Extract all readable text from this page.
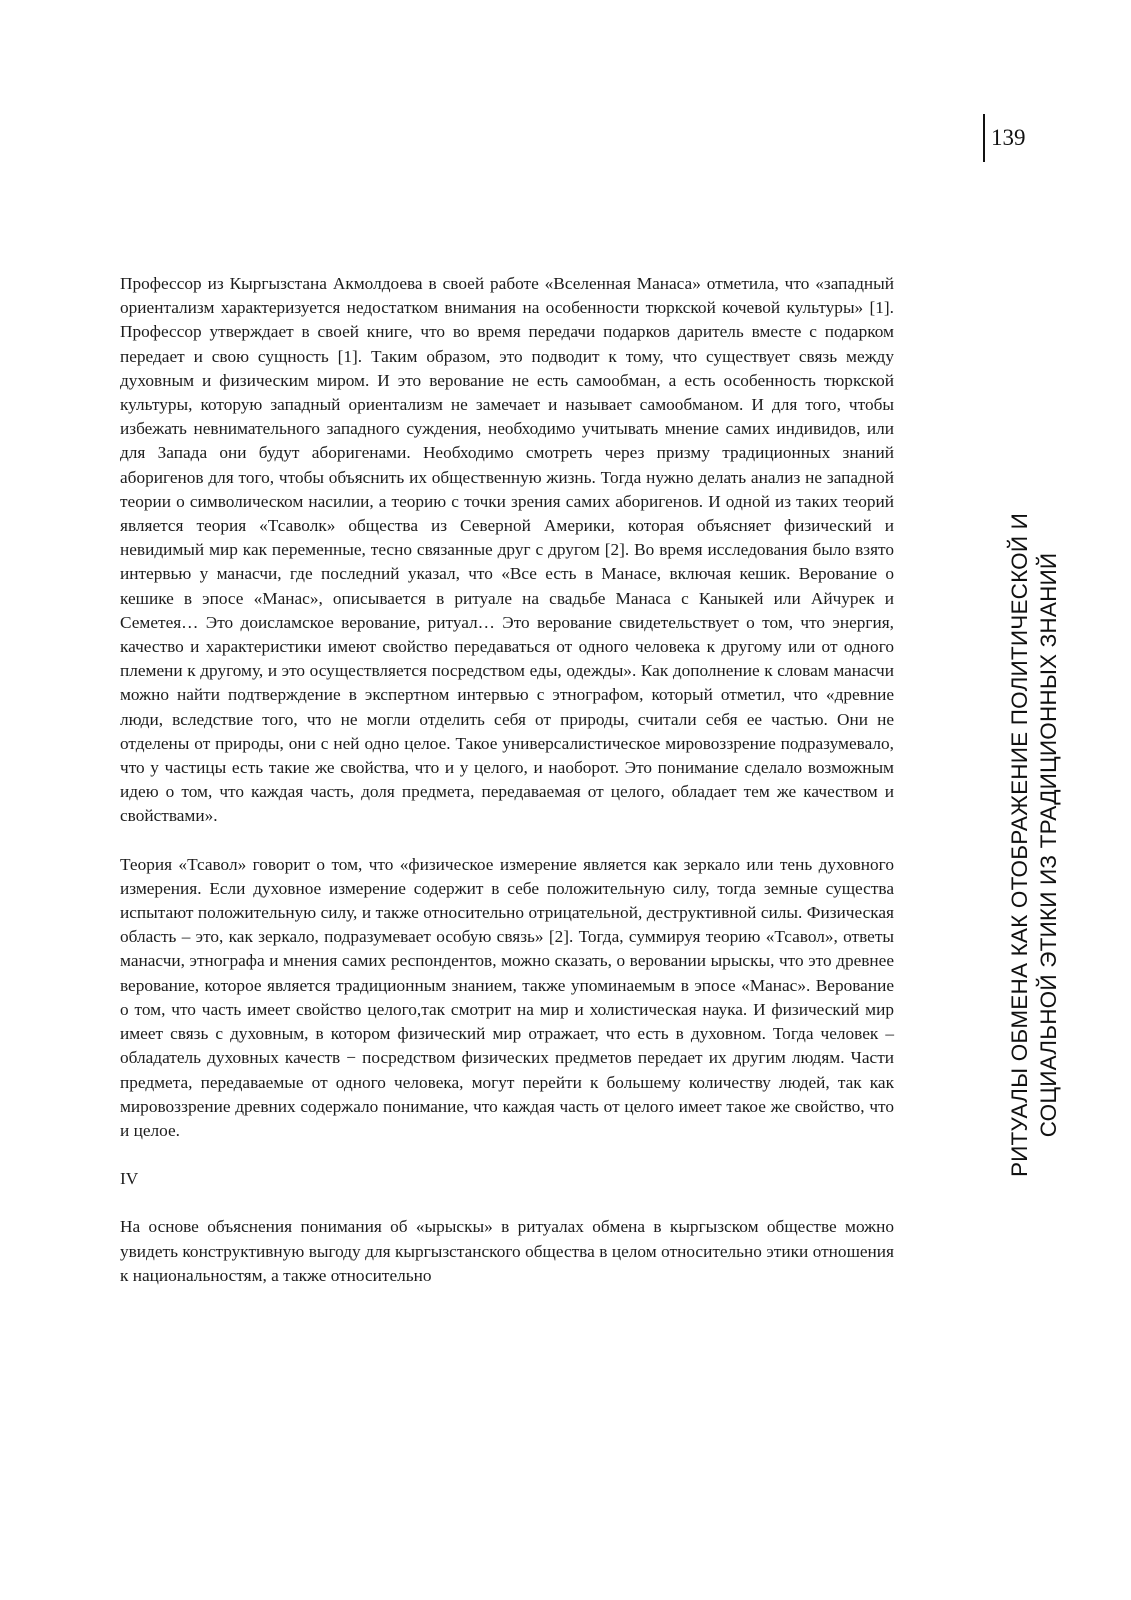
139
РИТУАЛЫ ОБМЕНА КАК ОТОБРАЖЕНИЕ ПОЛИТИЧЕСКОЙ И СОЦИАЛЬНОЙ ЭТИКИ ИЗ ТРАДИЦИОННЫХ ЗНАНИЙ

Профессор из Кыргызстана Акмолдоева в своей работе «Вселенная Манаса» отметила, что «западный ориентализм характеризуется недостатком внимания на особенности тюркской кочевой культуры» [1]. Профессор утверждает в своей книге, что во время передачи подарков даритель вместе с подарком передает и свою сущность [1]. Таким образом, это подводит к тому, что существует связь между духовным и физическим миром. И это верование не есть самообман, а есть особенность тюркской культуры, которую западный ориентализм не замечает и называет самообманом. И для того, чтобы избежать невнимательного западного суждения, необходимо учитывать мнение самих индивидов, или для Запада они будут аборигенами. Необходимо смотреть через призму традиционных знаний аборигенов для того, чтобы объяснить их общественную жизнь. Тогда нужно делать анализ не западной теории о символическом насилии, а теорию с точки зрения самих аборигенов. И одной из таких теорий является теория «Тсаволк» общества из Северной Америки, которая объясняет физический и невидимый мир как переменные, тесно связанные друг с другом [2]. Во время исследования было взято интервью у манасчи, где последний указал, что «Все есть в Манасе, включая кешик. Верование о кешике в эпосе «Манас», описывается в ритуале на свадьбе Манаса с Каныкей или Айчурек и Семетея… Это доисламское верование, ритуал… Это верование свидетельствует о том, что энергия, качество и характеристики имеют свойство передаваться от одного человека к другому или от одного племени к другому, и это осуществляется посредством еды, одежды». Как дополнение к словам манасчи можно найти подтверждение в экспертном интервью с этнографом, который отметил, что «древние люди, вследствие того, что не могли отделить себя от природы, считали себя ее частью. Они не отделены от природы, они с ней одно целое. Такое универсалистическое мировоззрение подразумевало, что у частицы есть такие же свойства, что и у целого, и наоборот. Это понимание сделало возможным идею о том, что каждая часть, доля предмета, передаваемая от целого, обладает тем же качеством и свойствами».

Теория «Тсавол» говорит о том, что «физическое измерение является как зеркало или тень духовного измерения. Если духовное измерение содержит в себе положительную силу, тогда земные существа испытают положительную силу, и также относительно отрицательной, деструктивной силы. Физическая область – это, как зеркало, подразумевает особую связь» [2]. Тогда, суммируя теорию «Тсавол», ответы манасчи, этнографа и мнения самих респондентов, можно сказать, о веровании ырыскы, что это древнее верование, которое является традиционным знанием, также упоминаемым в эпосе «Манас». Верование о том, что часть имеет свойство целого,так смотрит на мир и холистическая наука. И физический мир имеет связь с духовным, в котором физический мир отражает, что есть в духовном. Тогда человек – обладатель духовных качеств − посредством физических предметов передает их другим людям. Части предмета, передаваемые от одного человека, могут перейти к большему количеству людей, так как мировоззрение древних содержало понимание, что каждая часть от целого имеет такое же свойство, что и целое.

IV

На основе объяснения понимания об «ырыскы» в ритуалах обмена в кыргызском обществе можно увидеть конструктивную выгоду для кыргызстанского общества в целом относительно этики отношения к национальностям, а также относительно
